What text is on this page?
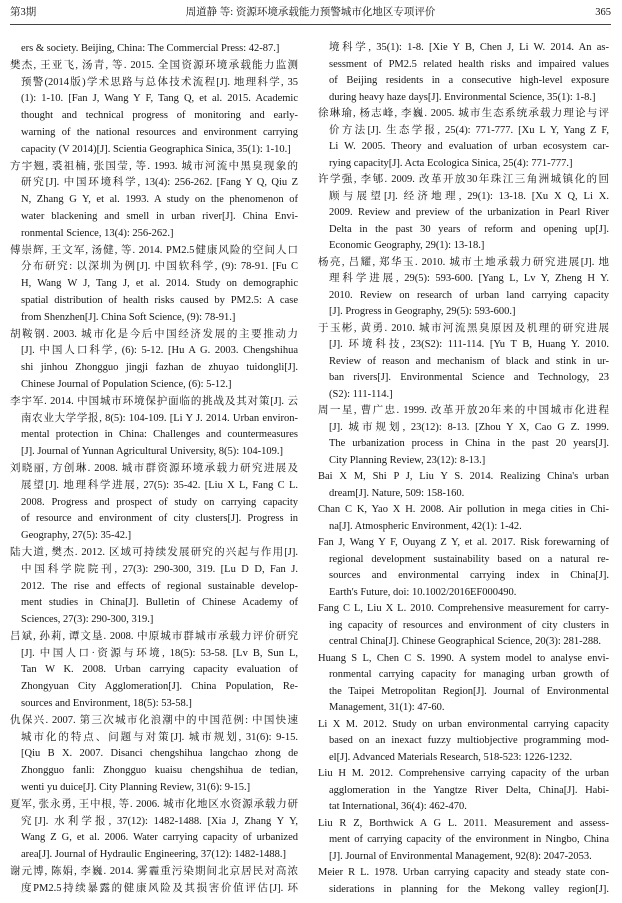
第3期	周道静 等: 资源环境承载能力预警城市化地区专项评价	365
ers & society. Beijing, China: The Commercial Press: 42-87.]
樊杰, 王亚飞, 汤青, 等. 2015. 全国资源环境承载能力监测
预警(2014版)学术思路与总体技术流程[J]. 地理科学, 35
(1): 1-10. [Fan J, Wang Y F, Tang Q, et al. 2015. Academic
thought and technical progress of monitoring and early-
warning of the national resources and environment carrying
capacity (V 2014)[J]. Scientia Geographica Sinica, 35(1): 1-10.]
方宇翘, 裘祖楠, 张国莹, 等. 1993. 城市河流中黑臭现象的
研究[J]. 中国环境科学, 13(4): 256-262. [Fang Y Q, Qiu Z
N, Zhang G Y, et al. 1993. A study on the phenomenon of
water blackening and smell in urban river[J]. China Envi-
ronmental Science, 13(4): 256-262.]
傅崇辉, 王文军, 汤健, 等. 2014. PM2.5健康风险的空间人口
分布研究: 以深圳为例[J]. 中国软科学, (9): 78-91. [Fu C
H, Wang W J, Tang J, et al. 2014. Study on demographic
spatial distribution of health risks caused by PM2.5: A case
from Shenzhen[J]. China Soft Science, (9): 78-91.]
胡鞍钢. 2003. 城市化是今后中国经济发展的主要推动力
[J]. 中国人口科学, (6): 5-12. [Hu A G. 2003. Chengshihua
shi jinhou Zhongguo jingji fazhan de zhuyao tuidongli[J].
Chinese Journal of Population Science, (6): 5-12.]
李宇军. 2014. 中国城市环境保护面临的挑战及其对策[J]. 云
南农业大学学报, 8(5): 104-109. [Li Y J. 2014. Urban environ-
mental protection in China: Challenges and countermeasures
[J]. Journal of Yunnan Agricultural University, 8(5): 104-109.]
刘晓丽, 方创琳. 2008. 城市群资源环境承载力研究进展及
展望[J]. 地理科学进展, 27(5): 35-42. [Liu X L, Fang C L.
2008. Progress and prospect of study on carrying capacity
of resource and environment of city clusters[J]. Progress in
Geography, 27(5): 35-42.]
陆大道, 樊杰. 2012. 区域可持续发展研究的兴起与作用[J].
中国科学院院刊, 27(3): 290-300, 319. [Lu D D, Fan J.
2012. The rise and effects of regional sustainable develop-
ment studies in China[J]. Bulletin of Chinese Academy of
Sciences, 27(3): 290-300, 319.]
吕斌, 孙莉, 谭文垦. 2008. 中原城市群城市承载力评价研究
[J]. 中国人口·资源与环境, 18(5): 53-58. [Lv B, Sun L,
Tan W K. 2008. Urban carrying capacity evaluation of
Zhongyuan City Agglomeration[J]. China Population, Re-
sources and Environment, 18(5): 53-58.]
仇保兴. 2007. 第三次城市化浪潮中的中国范例: 中国快速
城市化的特点、问题与对策[J]. 城市规划, 31(6): 9-15.
[Qiu B X. 2007. Disanci chengshihua langchao zhong de
Zhongguo fanli: Zhongguo kuaisu chengshihua de tedian,
wenti yu duice[J]. City Planning Review, 31(6): 9-15.]
夏军, 张永勇, 王中根, 等. 2006. 城市化地区水资源承载力研
究[J]. 水利学报, 37(12): 1482-1488. [Xia J, Zhang Y Y,
Wang Z G, et al. 2006. Water carrying capacity of urbanized
area[J]. Journal of Hydraulic Engineering, 37(12): 1482-1488.]
谢元博, 陈娟, 李巍. 2014. 雾霾重污染期间北京居民对高浓
度PM2.5持续暴露的健康风险及其损害价值评估[J]. 环
境科学, 35(1): 1-8. [Xie Y B, Chen J, Li W. 2014. An as-
sessment of PM2.5 related health risks and impaired values
of Beijing residents in a consecutive high-level exposure
during heavy haze days[J]. Environmental Science, 35(1): 1-8.]
徐琳瑜, 杨志峰, 李巍. 2005. 城市生态系统承载力理论与评
价方法[J]. 生态学报, 25(4): 771-777. [Xu L Y, Yang Z F,
Li W. 2005. Theory and evaluation of urban ecosystem car-
rying capacity[J]. Acta Ecologica Sinica, 25(4): 771-777.]
许学强, 李郇. 2009. 改革开放30年珠江三角洲城镇化的回
顾与展望[J]. 经济地理, 29(1): 13-18. [Xu X Q, Li X.
2009. Review and preview of the urbanization in Pearl River
Delta in the past 30 years of reform and opening up[J].
Economic Geography, 29(1): 13-18.]
杨亮, 吕耀, 郑华玉. 2010. 城市土地承载力研究进展[J]. 地
理科学进展, 29(5): 593-600. [Yang L, Lv Y, Zheng H Y.
2010. Review on research of urban land carrying capacity
[J]. Progress in Geography, 29(5): 593-600.]
于玉彬, 黄勇. 2010. 城市河流黑臭原因及机理的研究进展
[J]. 环境科技, 23(S2): 111-114. [Yu T B, Huang Y. 2010.
Review of reason and mechanism of black and stink in ur-
ban rivers[J]. Environmental Science and Technology, 23
(S2): 111-114.]
周一星, 曹广忠. 1999. 改革开放20年来的中国城市化进程
[J]. 城市规划, 23(12): 8-13. [Zhou Y X, Cao G Z. 1999.
The urbanization process in China in the past 20 years[J].
City Planning Review, 23(12): 8-13.]
Bai X M, Shi P J, Liu Y S. 2014. Realizing China's urban
dream[J]. Nature, 509: 158-160.
Chan C K, Yao X H. 2008. Air pollution in mega cities in Chi-
na[J]. Atmospheric Environment, 42(1): 1-42.
Fan J, Wang Y F, Ouyang Z Y, et al. 2017. Risk forewarning of
regional development sustainability based on a natural re-
sources and environmental carrying index in China[J].
Earth's Future, doi: 10.1002/2016EF000490.
Fang C L, Liu X L. 2010. Comprehensive measurement for carry-
ing capacity of resources and environment of city clusters in
central China[J]. Chinese Geographical Science, 20(3): 281-288.
Huang S L, Chen C S. 1990. A system model to analyse envi-
ronmental carrying capacity for managing urban growth of
the Taipei Metropolitan Region[J]. Journal of Environmental
Management, 31(1): 47-60.
Li X M. 2012. Study on urban environmental carrying capacity
based on an inexact fuzzy multiobjective programming mod-
el[J]. Advanced Materials Research, 518-523: 1226-1232.
Liu H M. 2012. Comprehensive carrying capacity of the urban
agglomeration in the Yangtze River Delta, China[J]. Habi-
tat International, 36(4): 462-470.
Liu R Z, Borthwick A G L. 2011. Measurement and assess-
ment of carrying capacity of the environment in Ningbo, China
[J]. Journal of Environmental Management, 92(8): 2047-2053.
Meier R L. 1978. Urban carrying capacity and steady state con-
siderations in planning for the Mekong valley region[J].
